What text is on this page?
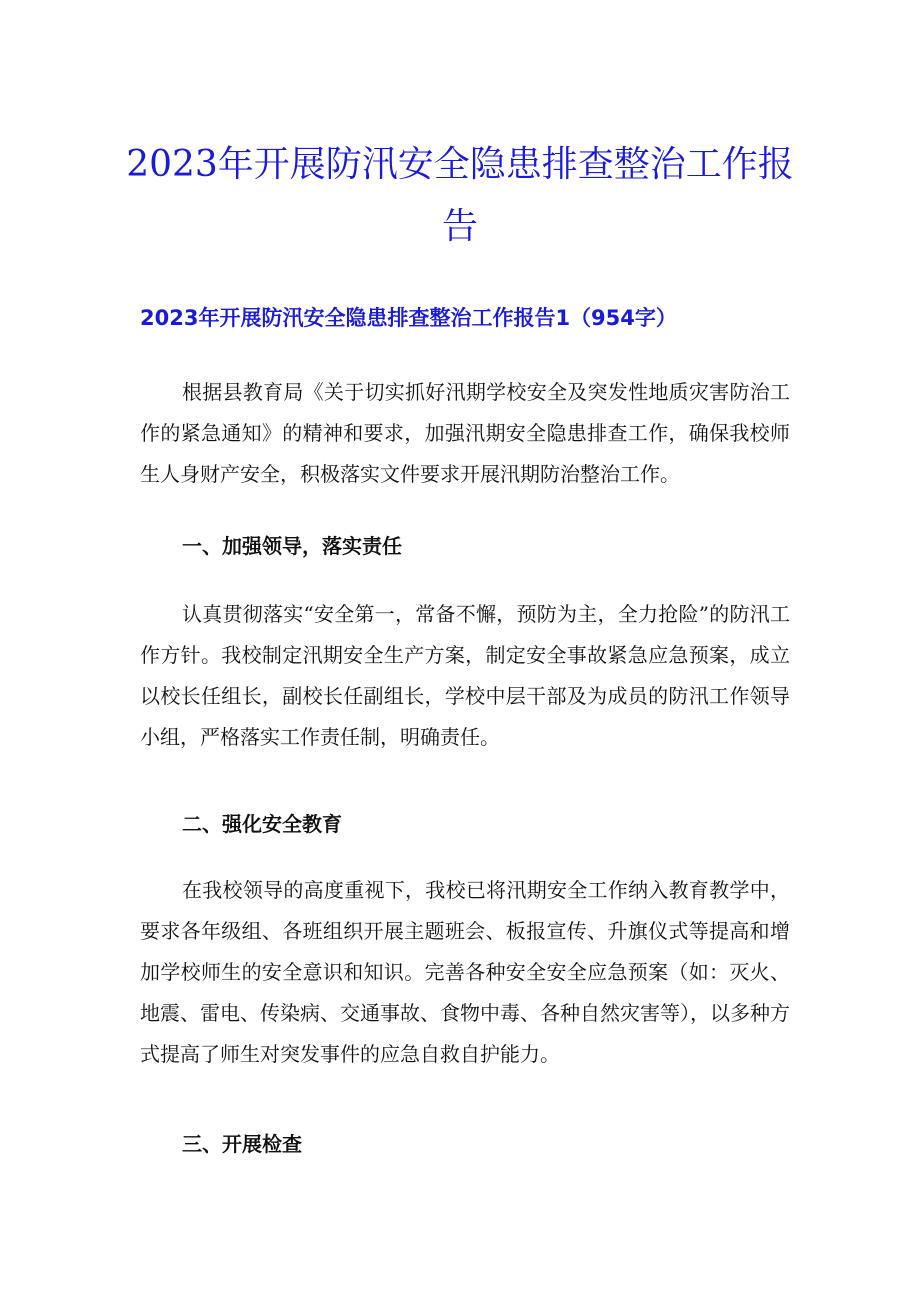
2023年开展防汛安全隐患排查整治工作报告
2023年开展防汛安全隐患排查整治工作报告1（954字）

根据县教育局《关于切实抓好汛期学校安全及突发性地质灾害防治工作的紧急通知》的精神和要求，加强汛期安全隐患排查工作，确保我校师生人身财产安全，积极落实文件要求开展汛期防治整治工作。

一、加强领导，落实责任

认真贯彻落实“安全第一，常备不懈，预防为主，全力抢险”的防汛工作方针。我校制定汛期安全生产方案，制定安全事故紧急应急预案，成立以校长任组长，副校长任副组长，学校中层干部及为成员的防汛工作领导小组，严格落实工作责任制，明确责任。

二、强化安全教育

在我校领导的高度重视下，我校已将汛期安全工作纳入教育教学中，要求各年级组、各班组织开展主题班会、板报宣传、升旗仪式等提高和增加学校师生的安全意识和知识。完善各种安全安全应急预案（如：灭火、地震、雷电、传染病、交通事故、食物中毒、各种自然灾害等），以多种方式提高了师生对突发事件的应急自救自护能力。

三、开展检查
